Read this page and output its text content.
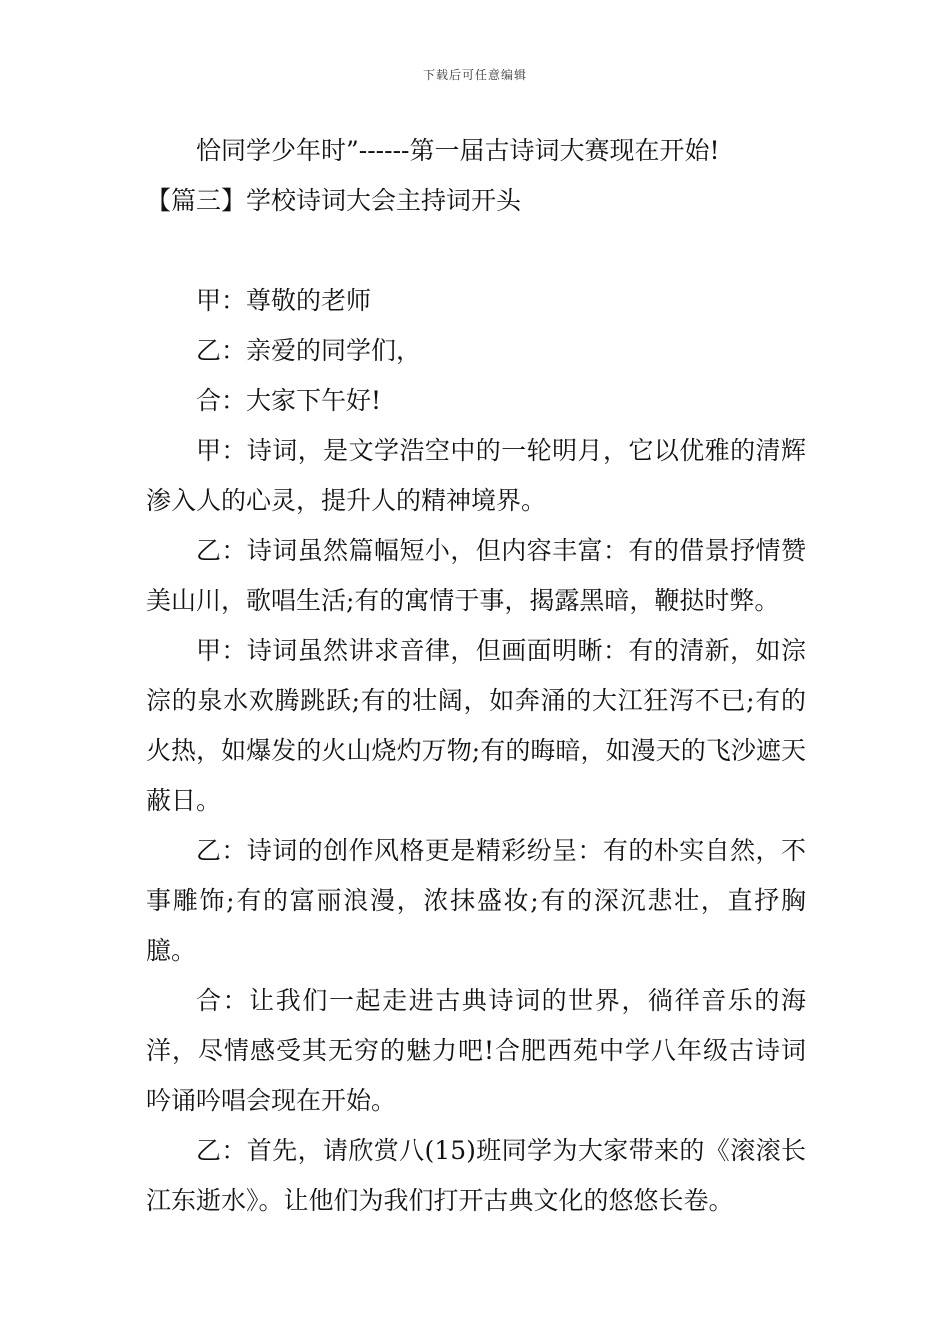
下载后可任意编辑

恰同学少年时”------第一届古诗词大赛现在开始!

【篇三】学校诗词大会主持词开头

甲：尊敬的老师

乙：亲爱的同学们，

合：大家下午好!

甲：诗词，是文学浩空中的一轮明月，它以优雅的清辉渗入人的心灵，提升人的精神境界。

乙：诗词虽然篇幅短小，但内容丰富：有的借景抒情赞美山川，歌唱生活;有的寓情于事，揭露黑暗，鞭挞时弊。

甲：诗词虽然讲求音律，但画面明晰：有的清新，如淙淙的泉水欢腾跳跃;有的壮阔，如奔涌的大江狂泻不已;有的火热，如爆发的火山烧灼万物;有的晦暗，如漫天的飞沙遮天蔽日。

乙：诗词的创作风格更是精彩纷呈：有的朴实自然，不事雕饰;有的富丽浪漫，浓抹盛妆;有的深沉悲壮，直抒胸臆。

合：让我们一起走进古典诗词的世界，徜徉音乐的海洋，尽情感受其无穷的魅力吧!合肥西苑中学八年级古诗词吟诵吟唱会现在开始。

乙：首先，请欣赏八(15)班同学为大家带来的《滚滚长江东逝水》。让他们为我们打开古典文化的悠悠长卷。
